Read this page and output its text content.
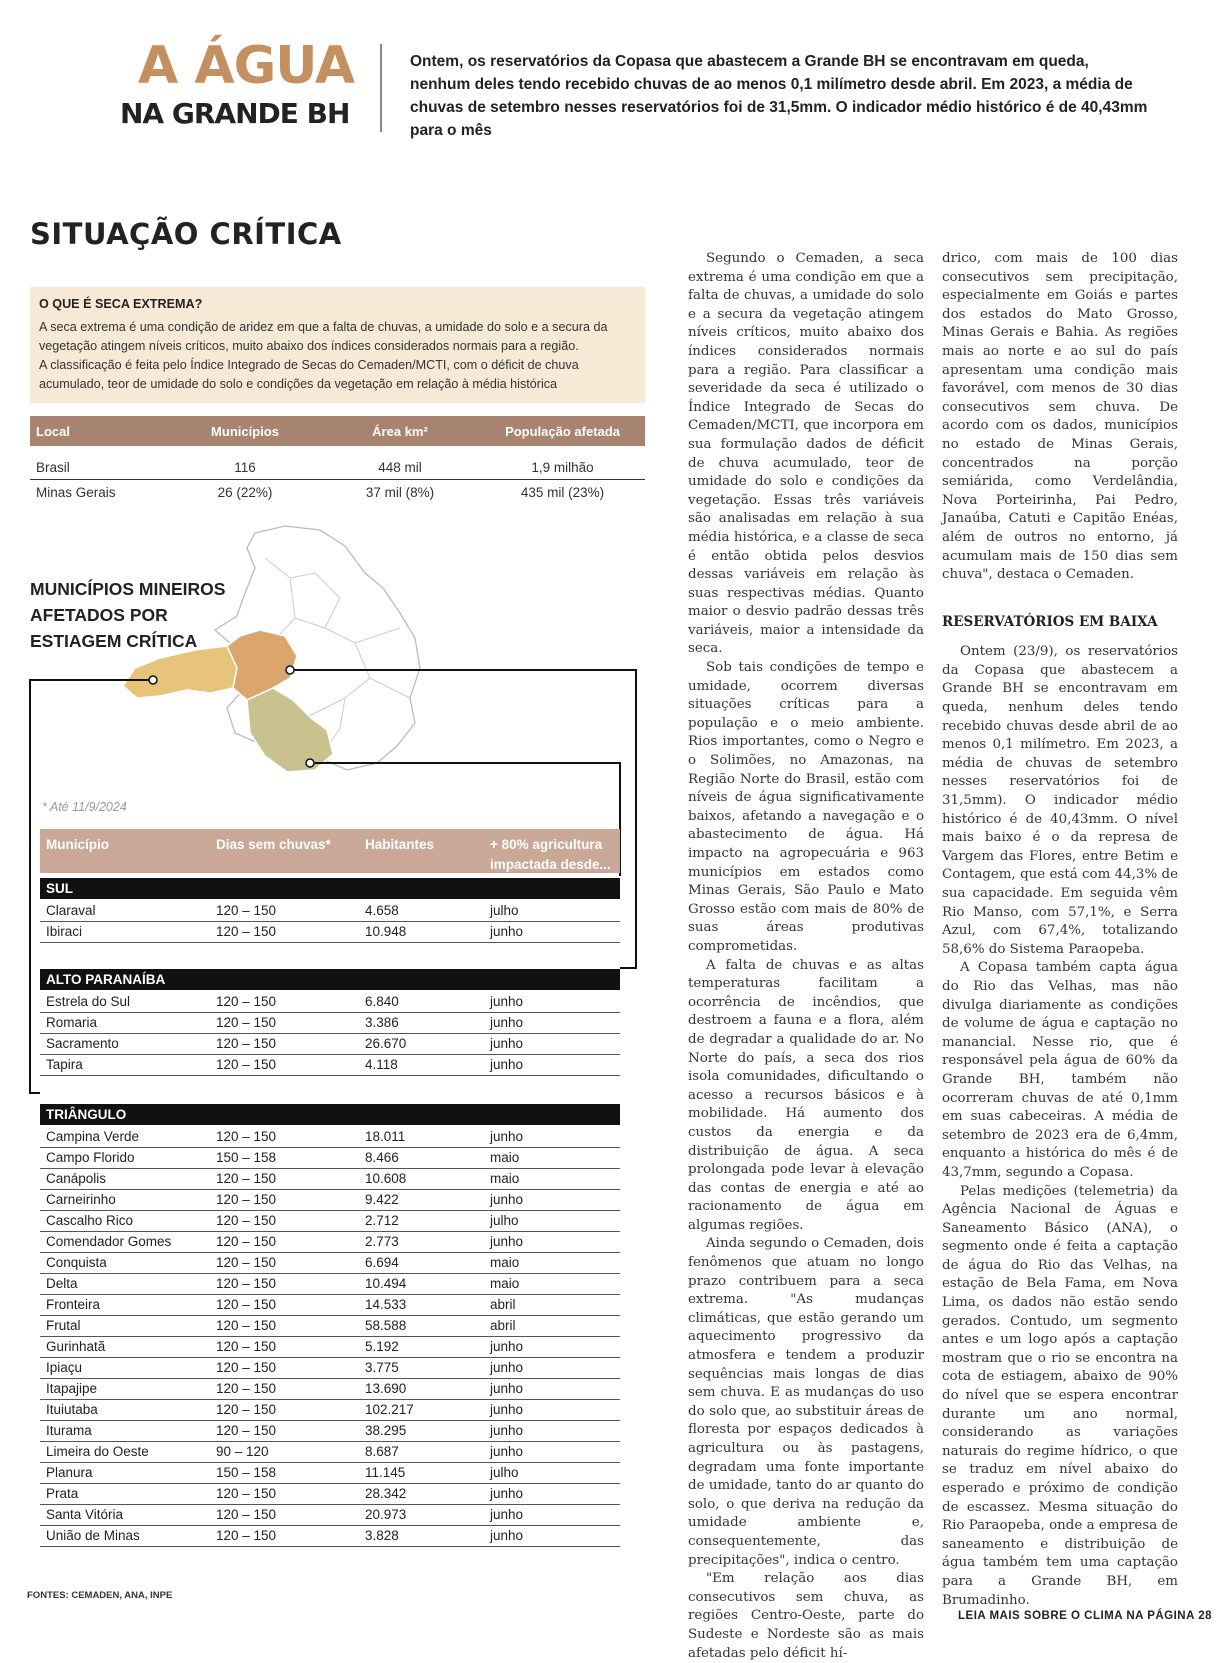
A ÁGUA
NA GRANDE BH
Ontem, os reservatórios da Copasa que abastecem a Grande BH se encontravam em queda, nenhum deles tendo recebido chuvas de ao menos 0,1 milímetro desde abril. Em 2023, a média de chuvas de setembro nesses reservatórios foi de 31,5mm. O indicador médio histórico é de 40,43mm para o mês
SITUAÇÃO CRÍTICA
O QUE É SECA EXTREMA?
A seca extrema é uma condição de aridez em que a falta de chuvas, a umidade do solo e a secura da vegetação atingem níveis críticos, muito abaixo dos índices considerados normais para a região.
A classificação é feita pelo Índice Integrado de Secas do Cemaden/MCTI, com o déficit de chuva acumulado, teor de umidade do solo e condições da vegetação em relação à média histórica
Local	Municípios	Área km²	População afetada
Brasil	116	448 mil	1,9 milhão
Minas Gerais	26 (22%)	37 mil (8%)	435 mil (23%)
MUNICÍPIOS MINEIROS AFETADOS POR ESTIAGEM CRÍTICA
* Até 11/9/2024
Município	Dias sem chuvas*	Habitantes	+ 80% agricultura impactada desde...
SUL
Claraval	120 – 150	4.658	julho
Ibiraci	120 – 150	10.948	junho
ALTO PARANAÍBA
Estrela do Sul	120 – 150	6.840	junho
Romaria	120 – 150	3.386	junho
Sacramento	120 – 150	26.670	junho
Tapira	120 – 150	4.118	junho
TRIÂNGULO
Campina Verde	120 – 150	18.011	junho
Campo Florido	150 – 158	8.466	maio
Canápolis	120 – 150	10.608	maio
Carneirinho	120 – 150	9.422	junho
Cascalho Rico	120 – 150	2.712	julho
Comendador Gomes	120 – 150	2.773	junho
Conquista	120 – 150	6.694	maio
Delta	120 – 150	10.494	maio
Fronteira	120 – 150	14.533	abril
Frutal	120 – 150	58.588	abril
Gurinhatã	120 – 150	5.192	junho
Ipiaçu	120 – 150	3.775	junho
Itapajipe	120 – 150	13.690	junho
Ituiutaba	120 – 150	102.217	junho
Iturama	120 – 150	38.295	junho
Limeira do Oeste	90 – 120	8.687	junho
Planura	150 – 158	11.145	julho
Prata	120 – 150	28.342	junho
Santa Vitória	120 – 150	20.973	junho
União de Minas	120 – 150	3.828	junho
FONTES: CEMADEN, ANA, INPE

Segundo o Cemaden, a seca extrema é uma condição em que a falta de chuvas, a umidade do solo e a secura da vegetação atingem níveis críticos, muito abaixo dos índices considerados normais para a região. Para classificar a severidade da seca é utilizado o Índice Integrado de Secas do Cemaden/MCTI, que incorpora em sua formulação dados de déficit de chuva acumulado, teor de umidade do solo e condições da vegetação. Essas três variáveis são analisadas em relação à sua média histórica, e a classe de seca é então obtida pelos desvios dessas variáveis em relação às suas respectivas médias. Quanto maior o desvio padrão dessas três variáveis, maior a intensidade da seca.

Sob tais condições de tempo e umidade, ocorrem diversas situações críticas para a população e o meio ambiente. Rios importantes, como o Negro e o Solimões, no Amazonas, na Região Norte do Brasil, estão com níveis de água significativamente baixos, afetando a navegação e o abastecimento de água. Há impacto na agropecuária e 963 municípios em estados como Minas Gerais, São Paulo e Mato Grosso estão com mais de 80% de suas áreas produtivas comprometidas.

A falta de chuvas e as altas temperaturas facilitam a ocorrência de incêndios, que destroem a fauna e a flora, além de degradar a qualidade do ar. No Norte do país, a seca dos rios isola comunidades, dificultando o acesso a recursos básicos e à mobilidade. Há aumento dos custos da energia e da distribuição de água. A seca prolongada pode levar à elevação das contas de energia e até ao racionamento de água em algumas regiões.

Ainda segundo o Cemaden, dois fenômenos que atuam no longo prazo contribuem para a seca extrema. "As mudanças climáticas, que estão gerando um aquecimento progressivo da atmosfera e tendem a produzir sequências mais longas de dias sem chuva. E as mudanças do uso do solo que, ao substituir áreas de floresta por espaços dedicados à agricultura ou às pastagens, degradam uma fonte importante de umidade, tanto do ar quanto do solo, o que deriva na redução da umidade ambiente e, consequentemente, das precipitações", indica o centro.

"Em relação aos dias consecutivos sem chuva, as regiões Centro-Oeste, parte do Sudeste e Nordeste são as mais afetadas pelo déficit hí-

drico, com mais de 100 dias consecutivos sem precipitação, especialmente em Goiás e partes dos estados do Mato Grosso, Minas Gerais e Bahia. As regiões mais ao norte e ao sul do país apresentam uma condição mais favorável, com menos de 30 dias consecutivos sem chuva. De acordo com os dados, municípios no estado de Minas Gerais, concentrados na porção semiárida, como Verdelândia, Nova Porteirinha, Pai Pedro, Janaúba, Catuti e Capitão Enéas, além de outros no entorno, já acumulam mais de 150 dias sem chuva", destaca o Cemaden.

RESERVATÓRIOS EM BAIXA

Ontem (23/9), os reservatórios da Copasa que abastecem a Grande BH se encontravam em queda, nenhum deles tendo recebido chuvas desde abril de ao menos 0,1 milímetro. Em 2023, a média de chuvas de setembro nesses reservatórios foi de 31,5mm). O indicador médio histórico é de 40,43mm. O nível mais baixo é o da represa de Vargem das Flores, entre Betim e Contagem, que está com 44,3% de sua capacidade. Em seguida vêm Rio Manso, com 57,1%, e Serra Azul, com 67,4%, totalizando 58,6% do Sistema Paraopeba.

A Copasa também capta água do Rio das Velhas, mas não divulga diariamente as condições de volume de água e captação no manancial. Nesse rio, que é responsável pela água de 60% da Grande BH, também não ocorreram chuvas de até 0,1mm em suas cabeceiras. A média de setembro de 2023 era de 6,4mm, enquanto a histórica do mês é de 43,7mm, segundo a Copasa.

Pelas medições (telemetria) da Agência Nacional de Águas e Saneamento Básico (ANA), o segmento onde é feita a captação de água do Rio das Velhas, na estação de Bela Fama, em Nova Lima, os dados não estão sendo gerados. Contudo, um segmento antes e um logo após a captação mostram que o rio se encontra na cota de estiagem, abaixo de 90% do nível que se espera encontrar durante um ano normal, considerando as variações naturais do regime hídrico, o que se traduz em nível abaixo do esperado e próximo de condição de escassez. Mesma situação do Rio Paraopeba, onde a empresa de saneamento e distribuição de água também tem uma captação para a Grande BH, em Brumadinho.

LEIA MAIS SOBRE O CLIMA NA PÁGINA 28
